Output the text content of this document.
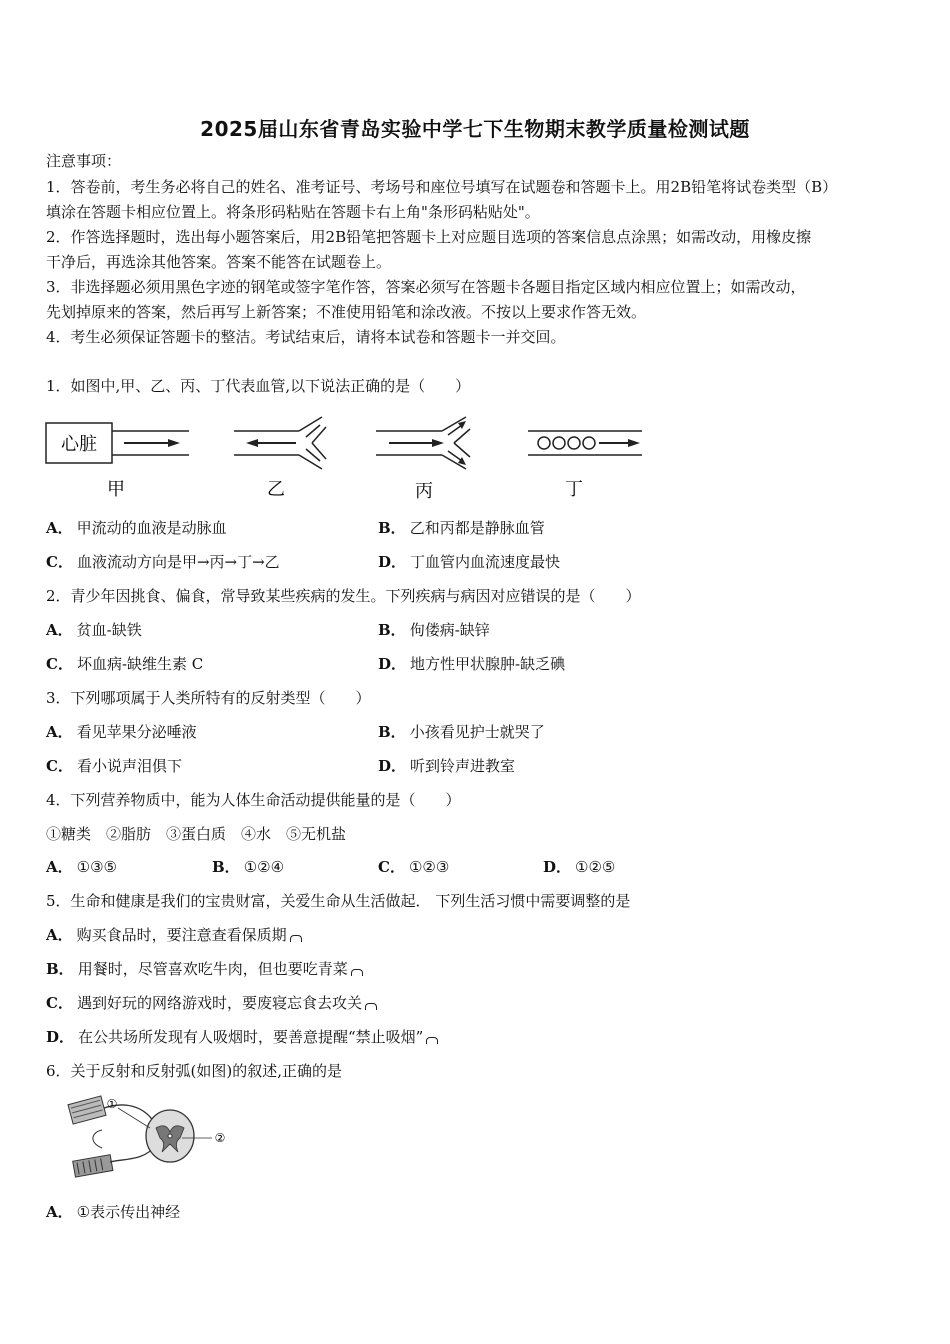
2025届山东省青岛实验中学七下生物期末教学质量检测试题
注意事项：
1．答卷前，考生务必将自己的姓名、准考证号、考场号和座位号填写在试题卷和答题卡上。用2B铅笔将试卷类型（B）
填涂在答题卡相应位置上。将条形码粘贴在答题卡右上角"条形码粘贴处"。
2．作答选择题时，选出每小题答案后，用2B铅笔把答题卡上对应题目选项的答案信息点涂黑；如需改动，用橡皮擦
干净后，再选涂其他答案。答案不能答在试题卷上。
3．非选择题必须用黑色字迹的钢笔或签字笔作答，答案必须写在答题卡各题目指定区域内相应位置上；如需改动，
先划掉原来的答案，然后再写上新答案；不准使用铅笔和涂改液。不按以上要求作答无效。
4．考生必须保证答题卡的整洁。考试结束后，请将本试卷和答题卡一并交回。
1．如图中,甲、乙、丙、丁代表血管,以下说法正确的是（　　）
心脏
甲	乙	丙	丁
A． 甲流动的血液是动脉血	B． 乙和丙都是静脉血管
C． 血液流动方向是甲→丙→丁→乙	D． 丁血管内血流速度最快
2．青少年因挑食、偏食，常导致某些疾病的发生。下列疾病与病因对应错误的是（　　）
A． 贫血-缺铁	B． 佝偻病-缺锌
C． 坏血病-缺维生素 C	D． 地方性甲状腺肿-缺乏碘
3．下列哪项属于人类所特有的反射类型（　　）
A． 看见苹果分泌唾液	B． 小孩看见护士就哭了
C． 看小说声泪俱下	D． 听到铃声进教室
4．下列营养物质中，能为人体生命活动提供能量的是（　　）
①糖类　②脂肪　③蛋白质　④水　⑤无机盐
A． ①③⑤	B． ①②④	C． ①②③	D． ①②⑤
5．生命和健康是我们的宝贵财富，关爱生命从生活做起． 下列生活习惯中需要调整的是
A． 购买食品时，要注意查看保质期
B． 用餐时，尽管喜欢吃牛肉，但也要吃青菜
C． 遇到好玩的网络游戏时，要废寝忘食去攻关
D． 在公共场所发现有人吸烟时，要善意提醒“禁止吸烟”
6．关于反射和反射弧(如图)的叙述,正确的是
①
②
A． ①表示传出神经
